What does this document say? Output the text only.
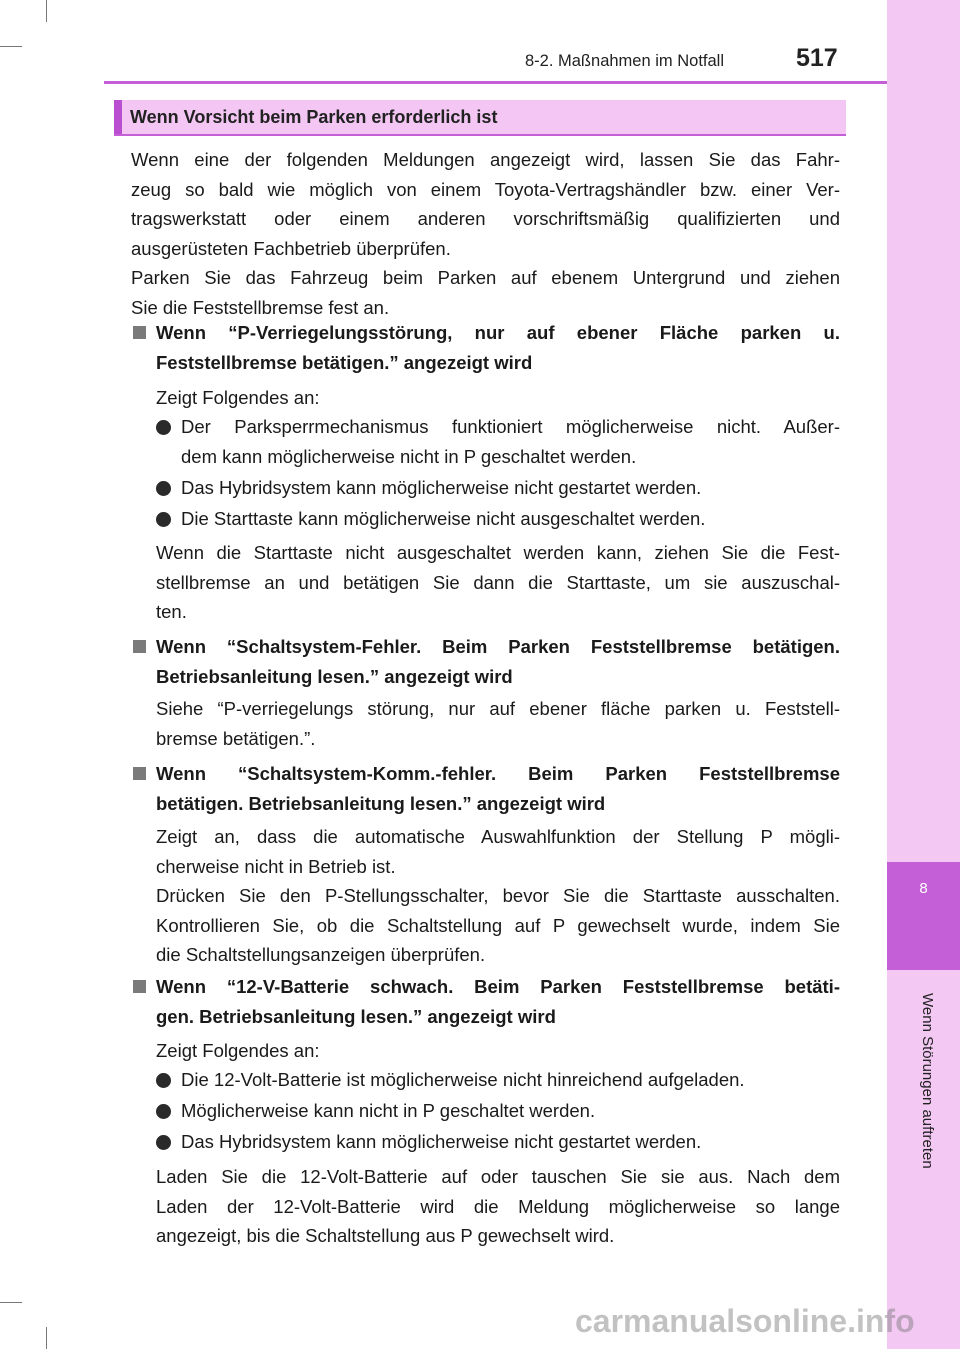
8
Wenn Störungen auftreten
8-2. Maßnahmen im Notfall	517
Wenn Vorsicht beim Parken erforderlich ist
Wenn eine der folgenden Meldungen angezeigt wird, lassen Sie das Fahr-
zeug so bald wie möglich von einem Toyota-Vertragshändler bzw. einer Ver-
tragswerkstatt oder einem anderen vorschriftsmäßig qualifizierten und
ausgerüsteten Fachbetrieb überprüfen.
Parken Sie das Fahrzeug beim Parken auf ebenem Untergrund und ziehen
Sie die Feststellbremse fest an.
Wenn “P-Verriegelungsstörung, nur auf ebener Fläche parken u.
Feststellbremse betätigen.” angezeigt wird
Zeigt Folgendes an:
Der Parksperrmechanismus funktioniert möglicherweise nicht. Außer-
dem kann möglicherweise nicht in P geschaltet werden.
Das Hybridsystem kann möglicherweise nicht gestartet werden.
Die Starttaste kann möglicherweise nicht ausgeschaltet werden.
Wenn die Starttaste nicht ausgeschaltet werden kann, ziehen Sie die Fest-
stellbremse an und betätigen Sie dann die Starttaste, um sie auszuschal-
ten.
Wenn “Schaltsystem-Fehler. Beim Parken Feststellbremse betätigen.
Betriebsanleitung lesen.” angezeigt wird
Siehe “P-verriegelungs störung, nur auf ebener fläche parken u. Feststell-
bremse betätigen.”.
Wenn “Schaltsystem-Komm.-fehler. Beim Parken Feststellbremse
betätigen. Betriebsanleitung lesen.” angezeigt wird
Zeigt an, dass die automatische Auswahlfunktion der Stellung P mögli-
cherweise nicht in Betrieb ist.
Drücken Sie den P-Stellungsschalter, bevor Sie die Starttaste ausschalten.
Kontrollieren Sie, ob die Schaltstellung auf P gewechselt wurde, indem Sie
die Schaltstellungsanzeigen überprüfen.
Wenn “12-V-Batterie schwach. Beim Parken Feststellbremse betäti-
gen. Betriebsanleitung lesen.” angezeigt wird
Zeigt Folgendes an:
Die 12-Volt-Batterie ist möglicherweise nicht hinreichend aufgeladen.
Möglicherweise kann nicht in P geschaltet werden.
Das Hybridsystem kann möglicherweise nicht gestartet werden.
Laden Sie die 12-Volt-Batterie auf oder tauschen Sie sie aus. Nach dem
Laden der 12-Volt-Batterie wird die Meldung möglicherweise so lange
angezeigt, bis die Schaltstellung aus P gewechselt wird.
carmanualsonline.info
